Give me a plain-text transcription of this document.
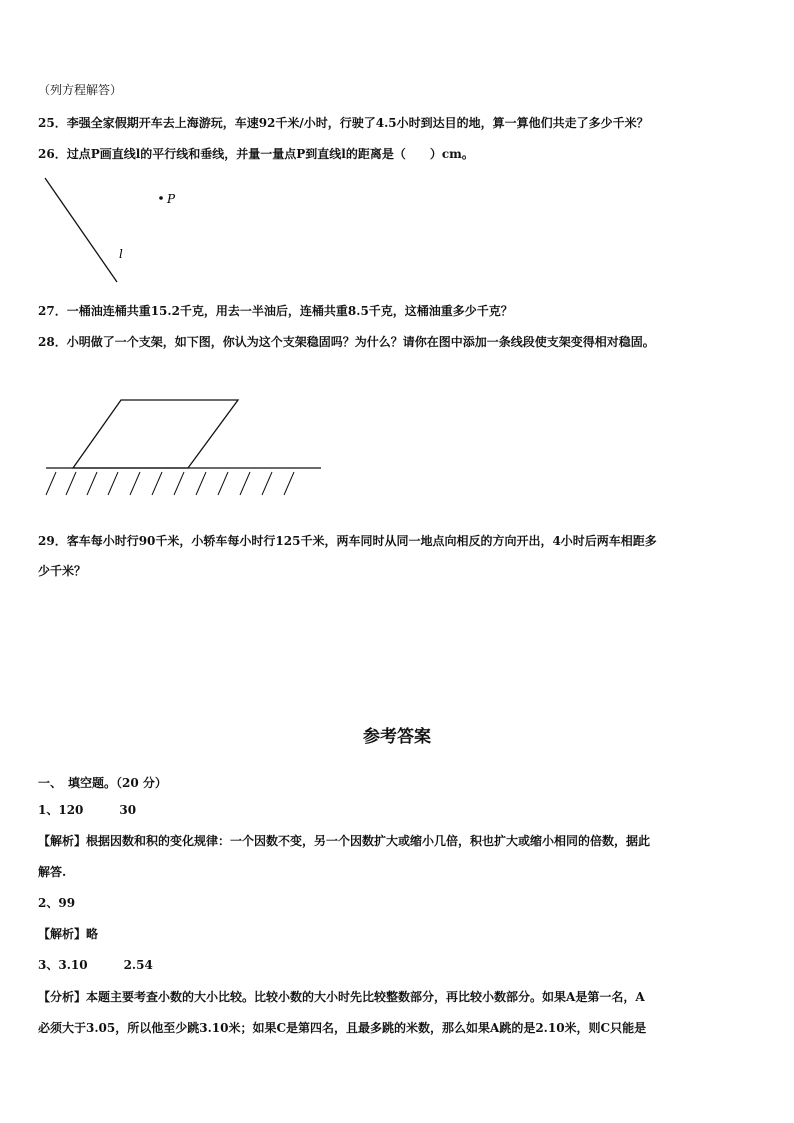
（列方程解答）
25．李强全家假期开车去上海游玩，车速92千米/小时，行驶了4.5小时到达目的地，算一算他们共走了多少千米？
26．过点P画直线l的平行线和垂线，并量一量点P到直线l的距离是（　　）cm。
P
l
27．一桶油连桶共重15.2千克，用去一半油后，连桶共重8.5千克，这桶油重多少千克？
28．小明做了一个支架，如下图，你认为这个支架稳固吗？为什么？请你在图中添加一条线段使支架变得相对稳固。
29．客车每小时行90千米，小轿车每小时行125千米，两车同时从同一地点向相反的方向开出，4小时后两车相距多
少千米？
参考答案
一、　填空题。（20 分）
1、120	30
【解析】根据因数和积的变化规律：一个因数不变，另一个因数扩大或缩小几倍，积也扩大或缩小相同的倍数，据此
解答.
2、99
【解析】略
3、3.10	2.54
【分析】本题主要考查小数的大小比较。比较小数的大小时先比较整数部分，再比较小数部分。如果A是第一名，A
必须大于3.05，所以他至少跳3.10米；如果C是第四名，且最多跳的米数，那么如果A跳的是2.10米，则C只能是
